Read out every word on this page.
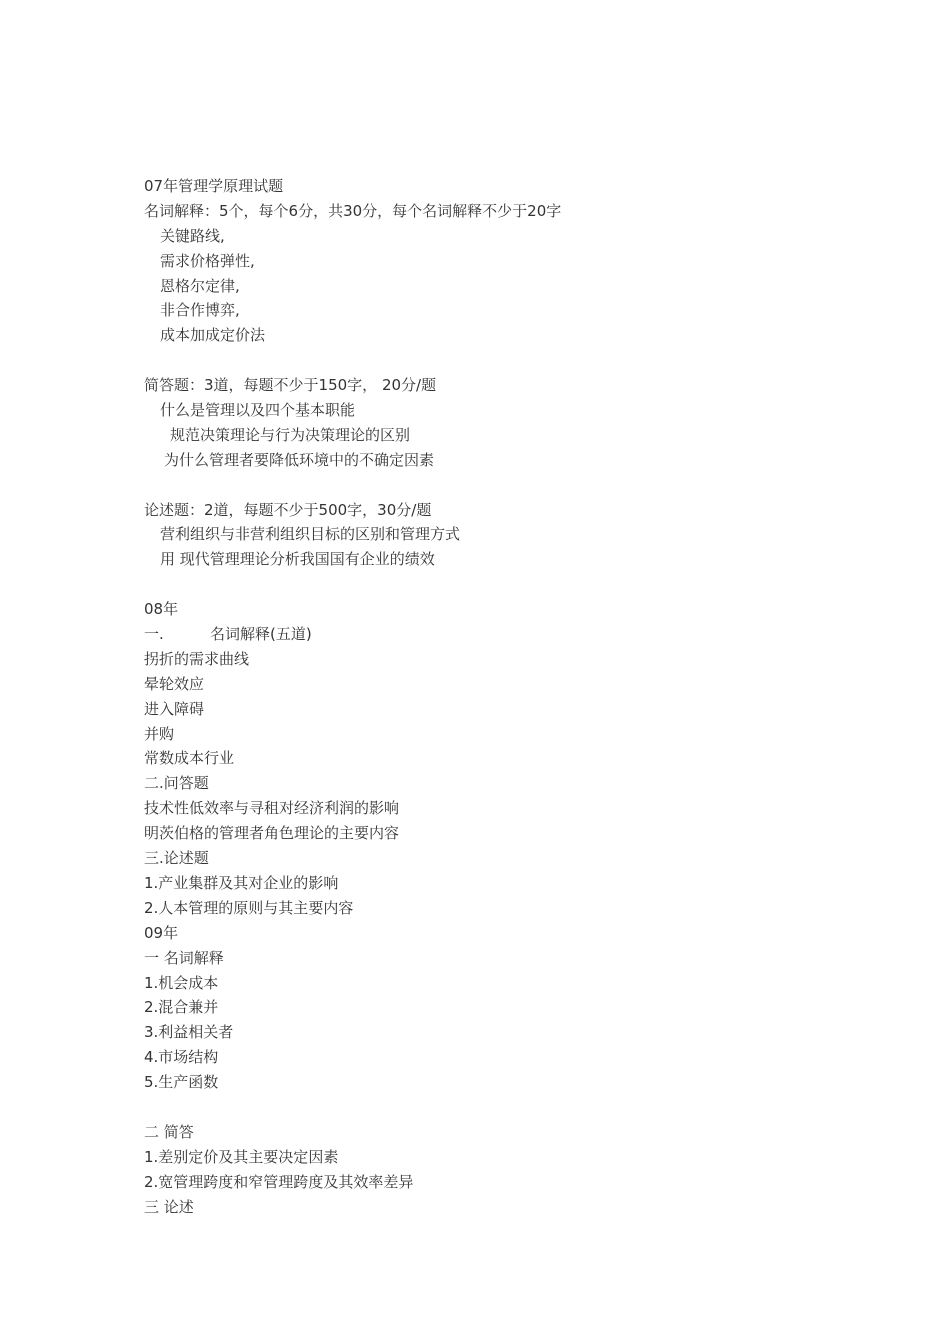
07年管理学原理试题
名词解释：5个，每个6分，共30分，每个名词解释不少于20字
关键路线,
需求价格弹性,
恩格尔定律,
非合作博弈,
成本加成定价法
简答题：3道，每题不少于150字， 20分/题
什么是管理以及四个基本职能
规范决策理论与行为决策理论的区别
为什么管理者要降低环境中的不确定因素
论述题：2道，每题不少于500字，30分/题
营利组织与非营利组织目标的区别和管理方式
用 现代管理理论分析我国国有企业的绩效
08年
一.	名词解释(五道)
拐折的需求曲线
晕轮效应
进入障碍
并购
常数成本行业
二.问答题
技术性低效率与寻租对经济利润的影响
明茨伯格的管理者角色理论的主要内容
三.论述题
1.产业集群及其对企业的影响
2.人本管理的原则与其主要内容
09年
一 名词解释
1.机会成本
2.混合兼并
3.利益相关者
4.市场结构
5.生产函数
二 简答
1.差别定价及其主要决定因素
2.宽管理跨度和窄管理跨度及其效率差异
三 论述
